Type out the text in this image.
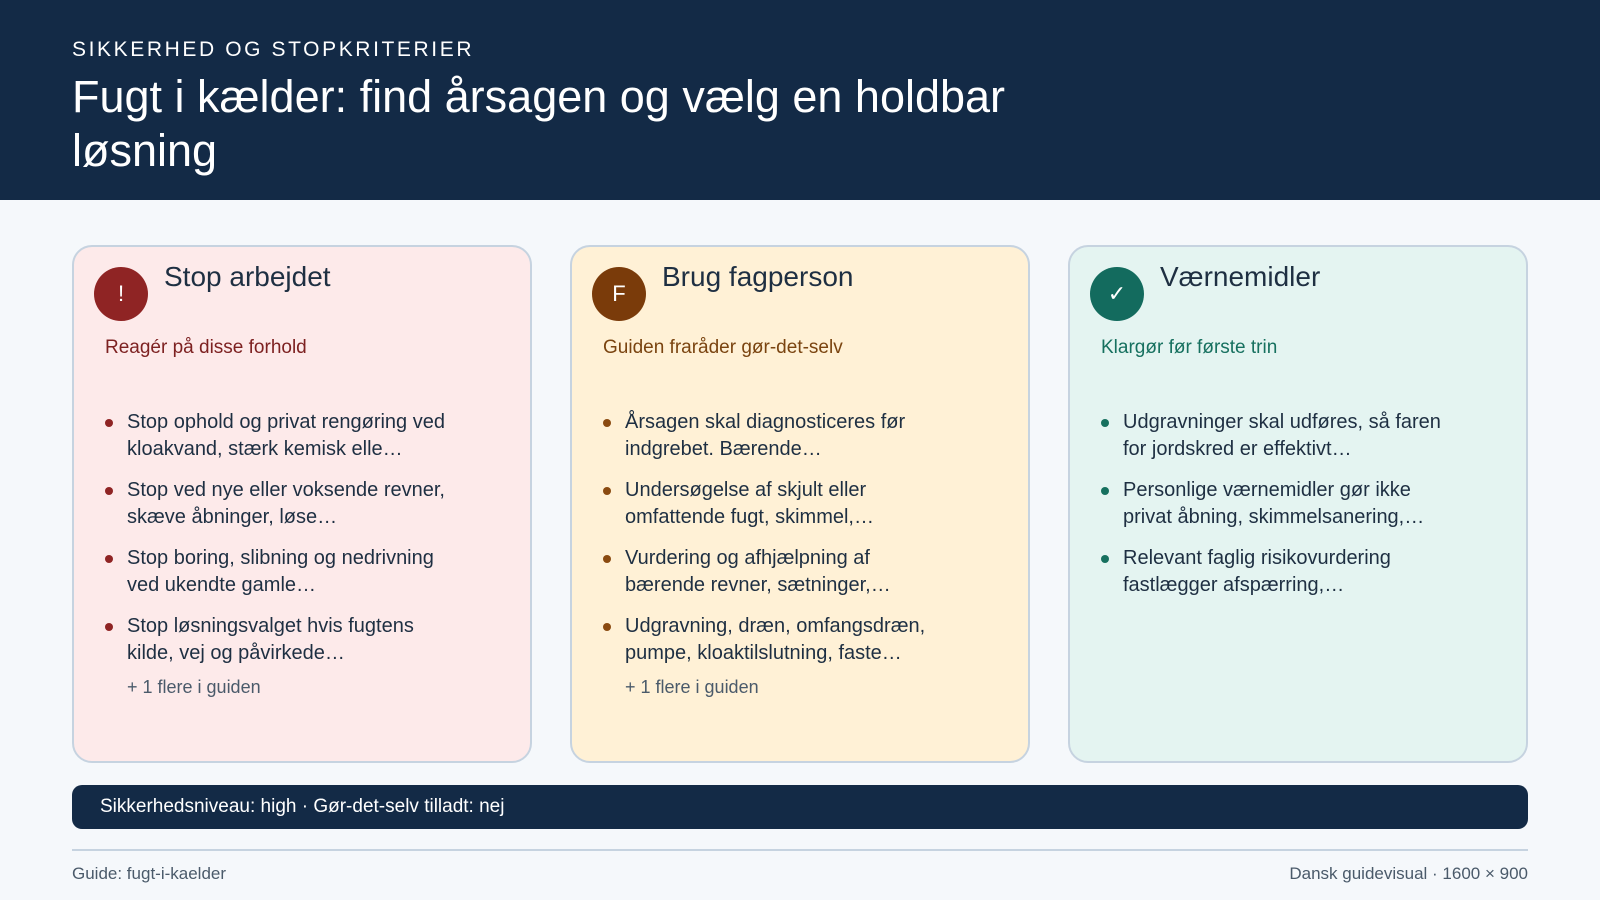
SIKKERHED OG STOPKRITERIER
Fugt i kælder: find årsagen og vælg en holdbar løsning
!
Stop arbejdet
Reagér på disse forhold
Stop ophold og privat rengøring ved kloakvand, stærk kemisk elle…
Stop ved nye eller voksende revner, skæve åbninger, løse…
Stop boring, slibning og nedrivning ved ukendte gamle…
Stop løsningsvalget hvis fugtens kilde, vej og påvirkede…
+ 1 flere i guiden
F
Brug fagperson
Guiden fraråder gør-det-selv
Årsagen skal diagnosticeres før indgrebet. Bærende…
Undersøgelse af skjult eller omfattende fugt, skimmel,…
Vurdering og afhjælpning af bærende revner, sætninger,…
Udgravning, dræn, omfangsdræn, pumpe, kloaktilslutning, faste…
+ 1 flere i guiden
✓
Værnemidler
Klargør før første trin
Udgravninger skal udføres, så faren for jordskred er effektivt…
Personlige værnemidler gør ikke privat åbning, skimmelsanering,…
Relevant faglig risikovurdering fastlægger afspærring,…
Sikkerhedsniveau: high · Gør-det-selv tilladt: nej
Guide: fugt-i-kaelder	Dansk guidevisual · 1600 × 900
